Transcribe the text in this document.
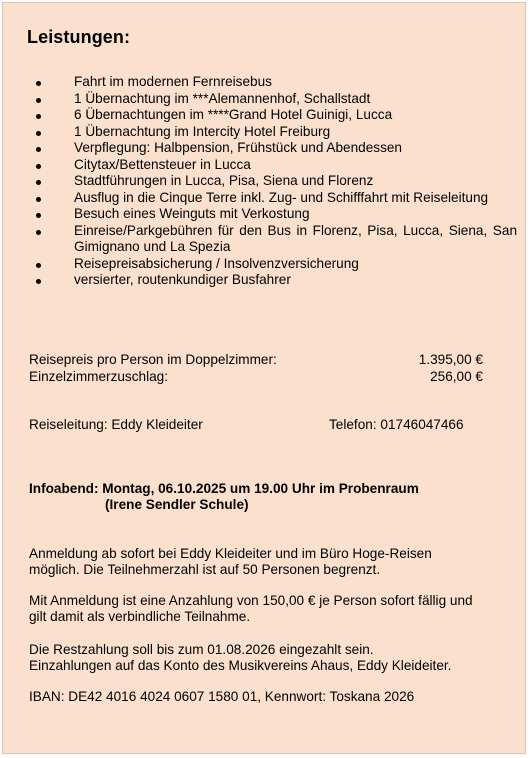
Leistungen:
Fahrt im modernen Fernreisebus
1 Übernachtung im ***Alemannenhof, Schallstadt
6 Übernachtungen im ****Grand Hotel Guinigi, Lucca
1 Übernachtung im Intercity Hotel Freiburg
Verpflegung: Halbpension, Frühstück und Abendessen
Citytax/Bettensteuer in Lucca
Stadtführungen in Lucca, Pisa, Siena und Florenz
Ausflug in die Cinque Terre inkl. Zug- und Schifffahrt mit Reiseleitung
Besuch eines Weinguts mit Verkostung
Einreise/Parkgebühren für den Bus in Florenz, Pisa, Lucca, Siena, San Gimignano und La Spezia
Reisepreisabsicherung / Insolvenzversicherung
versierter, routenkundiger Busfahrer
Reisepreis pro Person im Doppelzimmer:	1.395,00 €
Einzelzimmerzuschlag:	256,00 €
Reiseleitung: Eddy Kleideiter	Telefon: 01746047466
Infoabend: Montag, 06.10.2025 um 19.00 Uhr im Probenraum
(Irene Sendler Schule)
Anmeldung ab sofort bei Eddy Kleideiter und im Büro Hoge-Reisen
möglich. Die Teilnehmerzahl ist auf 50 Personen begrenzt.
Mit Anmeldung ist eine Anzahlung von 150,00 € je Person sofort fällig und
gilt damit als verbindliche Teilnahme.
Die Restzahlung soll bis zum 01.08.2026 eingezahlt sein.
Einzahlungen auf das Konto des Musikvereins Ahaus, Eddy Kleideiter.
IBAN: DE42 4016 4024 0607 1580 01, Kennwort: Toskana 2026
